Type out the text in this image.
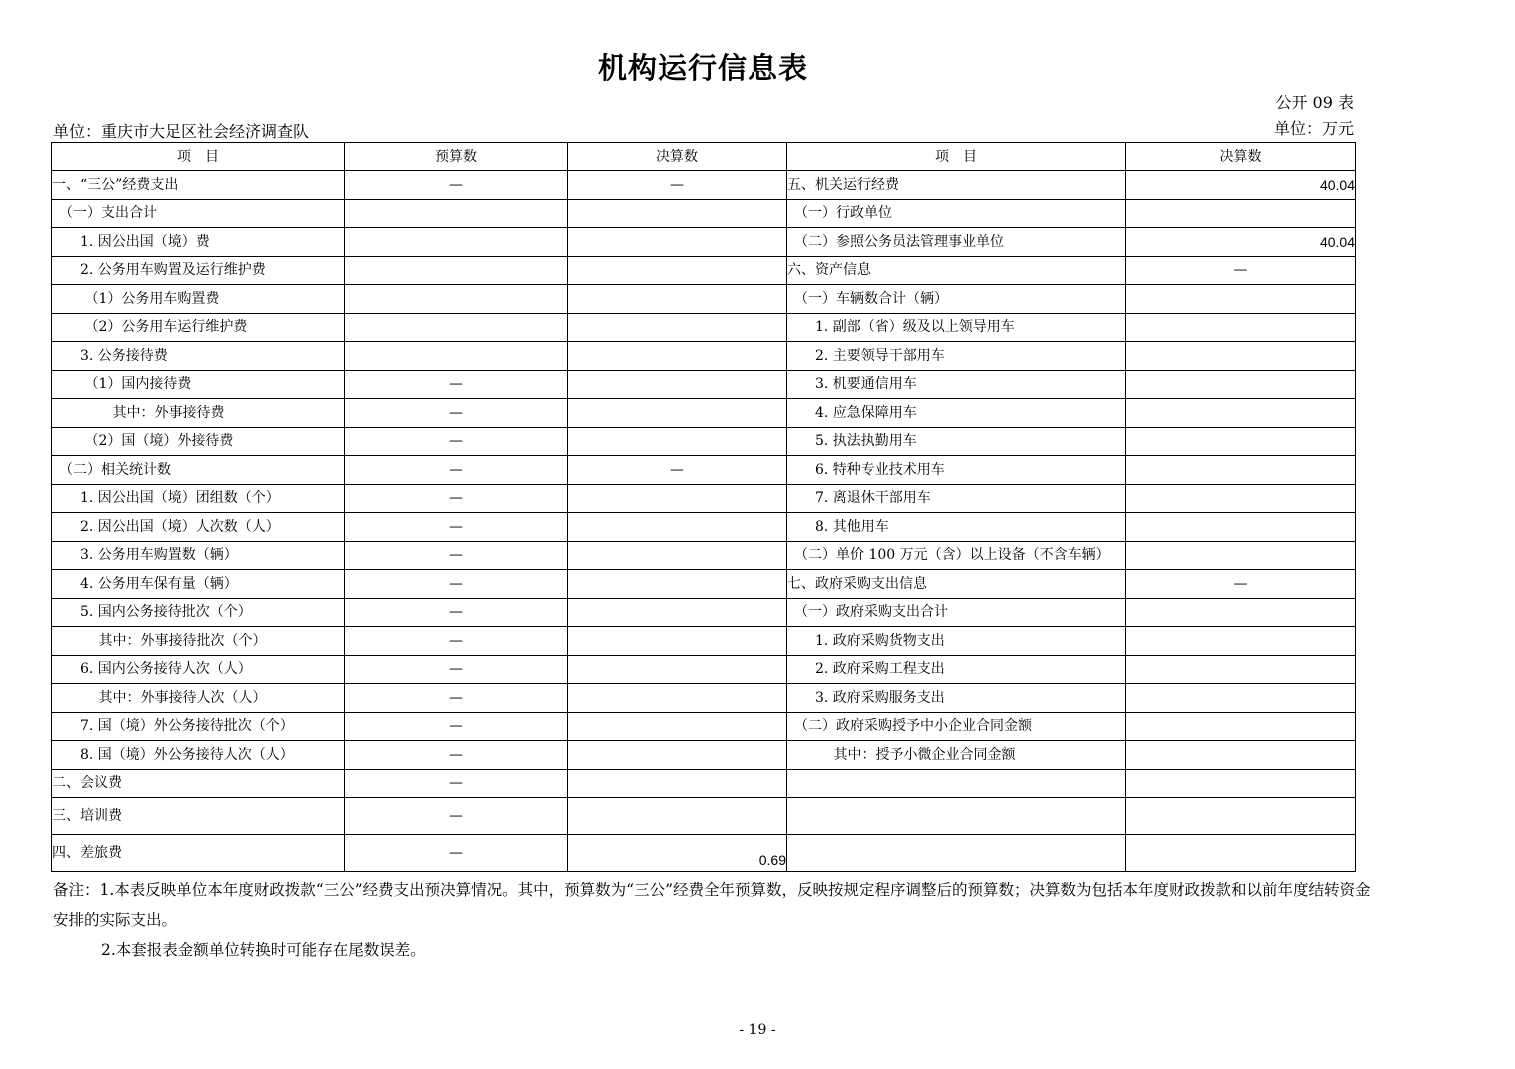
机构运行信息表
公开 09 表
单位：重庆市大足区社会经济调查队	单位：万元
项　目	预算数	决算数	项　目	决算数
一、“三公”经费支出	—	—	五、机关运行经费	40.04
　（一）支出合计			　（一）行政单位	
　　1. 因公出国（境）费			　（二）参照公务员法管理事业单位	40.04
　　2. 公务用车购置及运行维护费			六、资产信息	—
　　 （1）公务用车购置费			　（一）车辆数合计（辆）	
　　 （2）公务用车运行维护费			　　1. 副部（省）级及以上领导用车	
　　3. 公务接待费			　　2. 主要领导干部用车	
　　 （1）国内接待费	—		　　3. 机要通信用车	
　　　　 其中：外事接待费	—		　　4. 应急保障用车	
　　 （2）国（境）外接待费	—		　　5. 执法执勤用车	
　（二）相关统计数	—	—	　　6. 特种专业技术用车	
　　1. 因公出国（境）团组数（个）	—		　　7. 离退休干部用车	
　　2. 因公出国（境）人次数（人）	—		　　8. 其他用车	
　　3. 公务用车购置数（辆）	—		　（二）单价 100 万元（含）以上设备（不含车辆）	
　　4. 公务用车保有量（辆）	—		七、政府采购支出信息	—
　　5. 国内公务接待批次（个）	—		　（一）政府采购支出合计	
　　　 其中：外事接待批次（个）	—		　　1. 政府采购货物支出	
　　6. 国内公务接待人次（人）	—		　　2. 政府采购工程支出	
　　　 其中：外事接待人次（人）	—		　　3. 政府采购服务支出	
　　7. 国（境）外公务接待批次（个）	—		　（二）政府采购授予中小企业合同金额	
　　8. 国（境）外公务接待人次（人）	—		　　　 其中：授予小微企业合同金额	
二、会议费	—			
三、培训费	—			
四、差旅费	—	0.69		
备注：1.本表反映单位本年度财政拨款“三公”经费支出预决算情况。其中，预算数为“三公”经费全年预算数，反映按规定程序调整后的预算数；决算数为包括本年度财政拨款和以前年度结转资金
安排的实际支出。
2.本套报表金额单位转换时可能存在尾数误差。
- 19 -
